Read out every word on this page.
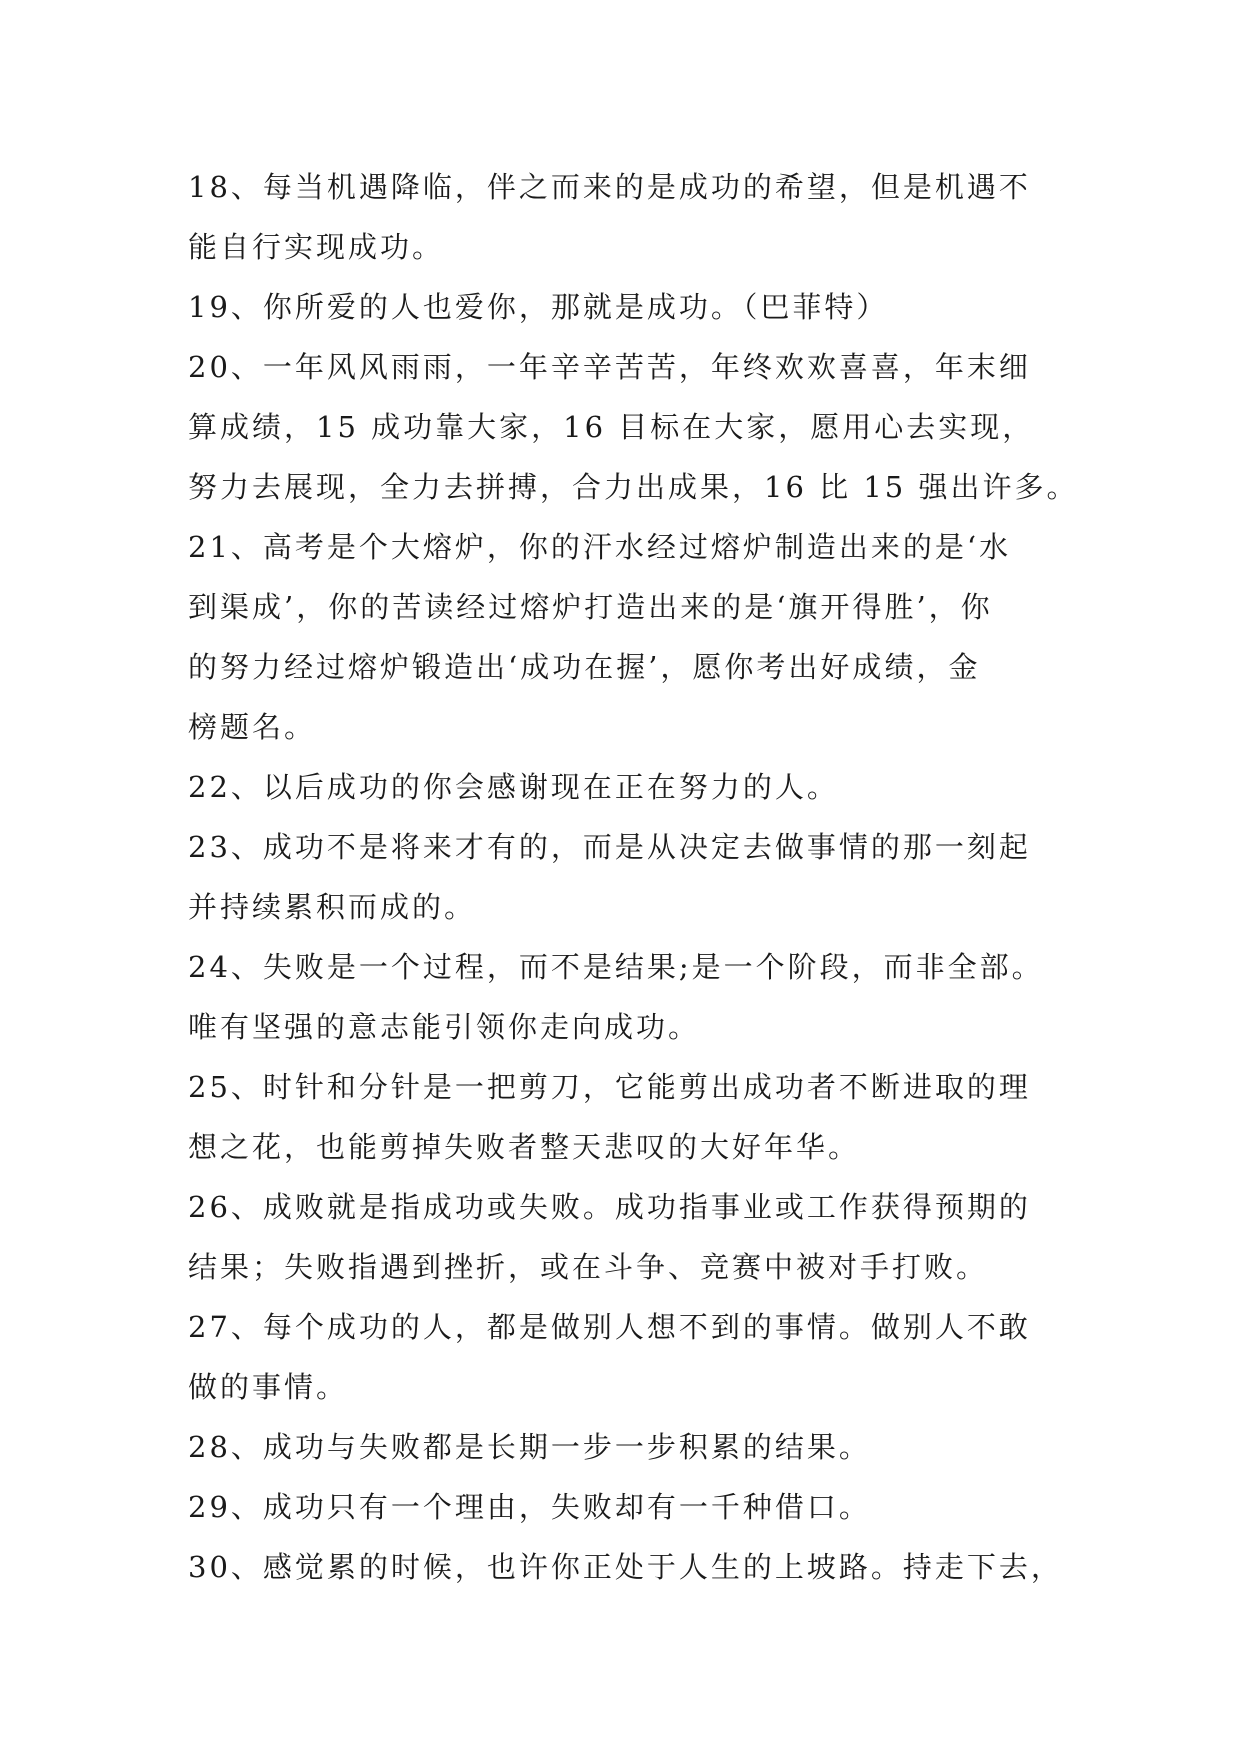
18、每当机遇降临，伴之而来的是成功的希望，但是机遇不
能自行实现成功。
19、你所爱的人也爱你，那就是成功。（巴菲特）
20、一年风风雨雨，一年辛辛苦苦，年终欢欢喜喜，年末细
算成绩，15 成功靠大家，16 目标在大家，愿用心去实现，
努力去展现，全力去拼搏，合力出成果，16 比 15 强出许多。
21、高考是个大熔炉，你的汗水经过熔炉制造出来的是‘水
到渠成’，你的苦读经过熔炉打造出来的是‘旗开得胜’，你
的努力经过熔炉锻造出‘成功在握’，愿你考出好成绩，金
榜题名。
22、以后成功的你会感谢现在正在努力的人。
23、成功不是将来才有的，而是从决定去做事情的那一刻起
并持续累积而成的。
24、失败是一个过程，而不是结果;是一个阶段，而非全部。
唯有坚强的意志能引领你走向成功。
25、时针和分针是一把剪刀，它能剪出成功者不断进取的理
想之花，也能剪掉失败者整天悲叹的大好年华。
26、成败就是指成功或失败。成功指事业或工作获得预期的
结果；失败指遇到挫折，或在斗争、竞赛中被对手打败。
27、每个成功的人，都是做别人想不到的事情。做别人不敢
做的事情。
28、成功与失败都是长期一步一步积累的结果。
29、成功只有一个理由，失败却有一千种借口。
30、感觉累的时候，也许你正处于人生的上坡路。持走下去，
